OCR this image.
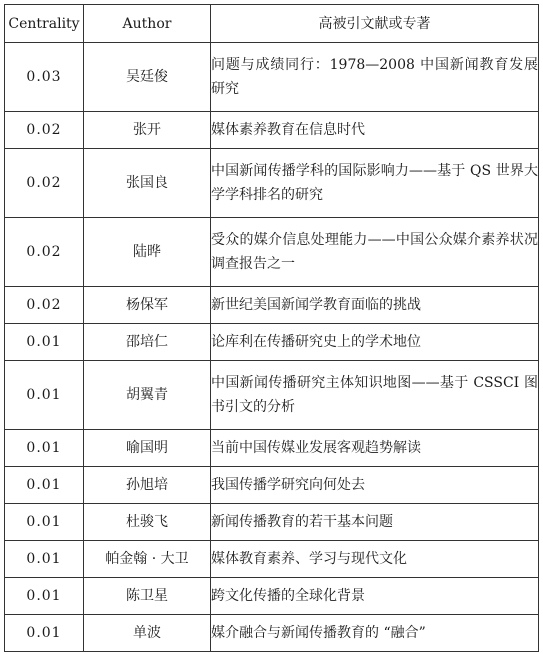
Centrality	Author	高被引文献或专著
0.03	吴廷俊	问题与成绩同行：1978—2008 中国新闻教育发展研究
0.02	张开	媒体素养教育在信息时代
0.02	张国良	中国新闻传播学科的国际影响力——基于 QS 世界大学学科排名的研究
0.02	陆晔	受众的媒介信息处理能力——中国公众媒介素养状况调查报告之一
0.02	杨保军	新世纪美国新闻学教育面临的挑战
0.01	邵培仁	论库利在传播研究史上的学术地位
0.01	胡翼青	中国新闻传播研究主体知识地图——基于 CSSCI 图书引文的分析
0.01	喻国明	当前中国传媒业发展客观趋势解读
0.01	孙旭培	我国传播学研究向何处去
0.01	杜骏飞	新闻传播教育的若干基本问题
0.01	帕金翰 · 大卫	媒体教育素养、学习与现代文化
0.01	陈卫星	跨文化传播的全球化背景
0.01	单波	媒介融合与新闻传播教育的 “融合”
